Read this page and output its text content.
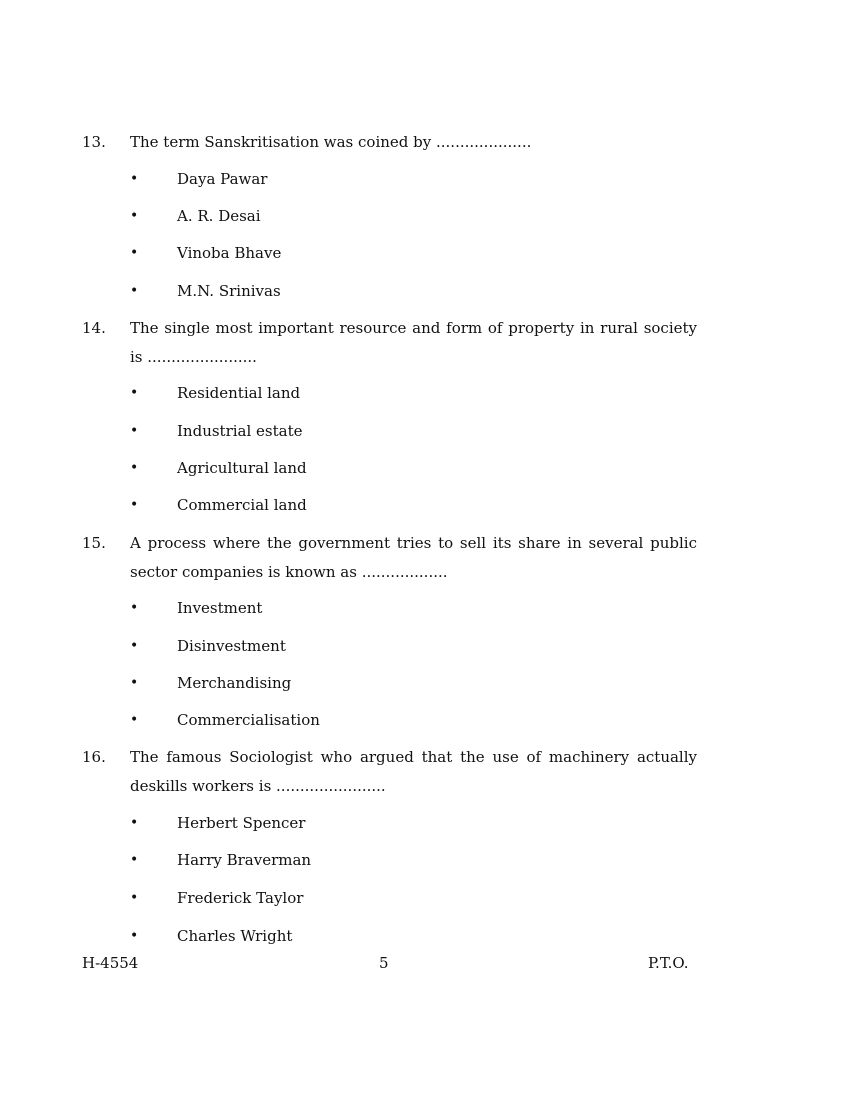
13. The term Sanskritisation was coined by ....................
•	Daya Pawar
•	A. R. Desai
•	Vinoba Bhave
•	M.N. Srinivas
14. The single most important resource and form of property in rural society is .......................
•	Residential land
•	Industrial estate
•	Agricultural land
•	Commercial land
15. A process where the government tries to sell its share in several public sector companies is known as ..................
•	Investment
•	Disinvestment
•	Merchandising
•	Commercialisation
16. The famous Sociologist who argued that the use of machinery actually deskills workers is .......................
•	Herbert Spencer
•	Harry Braverman
•	Frederick Taylor
•	Charles Wright
H-4554	5	P.T.O.
